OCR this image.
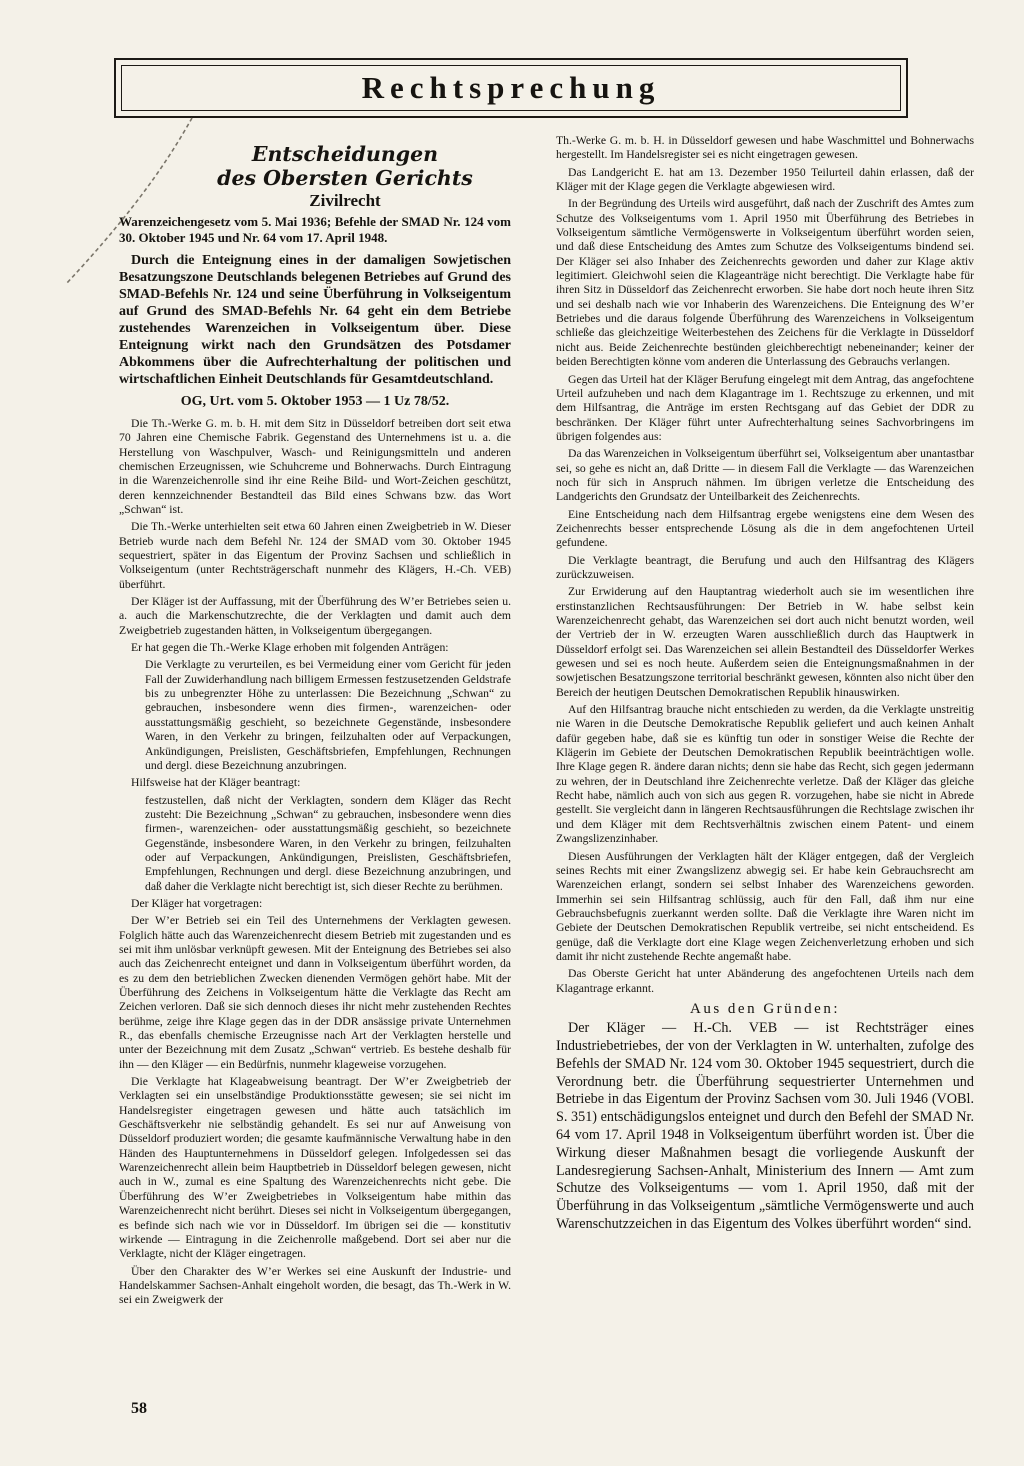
Rechtsprechung
Entscheidungen
des Obersten Gerichts
Zivilrecht

Warenzeichengesetz vom 5. Mai 1936; Befehle der SMAD Nr. 124 vom 30. Oktober 1945 und Nr. 64 vom 17. April 1948.

Durch die Enteignung eines in der damaligen Sowjetischen Besatzungszone Deutschlands belegenen Betriebes auf Grund des SMAD-Befehls Nr. 124 und seine Überführung in Volkseigentum auf Grund des SMAD-Befehls Nr. 64 geht ein dem Betriebe zustehendes Warenzeichen in Volkseigentum über. Diese Enteignung wirkt nach den Grundsätzen des Potsdamer Abkommens über die Aufrechterhaltung der politischen und wirtschaftlichen Einheit Deutschlands für Gesamtdeutschland.

OG, Urt. vom 5. Oktober 1953 — 1 Uz 78/52.

Die Th.-Werke G. m. b. H. mit dem Sitz in Düsseldorf betreiben dort seit etwa 70 Jahren eine Chemische Fabrik. Gegenstand des Unternehmens ist u. a. die Herstellung von Waschpulver, Wasch- und Reinigungsmitteln und anderen chemischen Erzeugnissen, wie Schuhcreme und Bohnerwachs. Durch Eintragung in die Warenzeichenrolle sind ihr eine Reihe Bild- und Wort-Zeichen geschützt, deren kennzeichnender Bestandteil das Bild eines Schwans bzw. das Wort „Schwan“ ist.

Die Th.-Werke unterhielten seit etwa 60 Jahren einen Zweigbetrieb in W. Dieser Betrieb wurde nach dem Befehl Nr. 124 der SMAD vom 30. Oktober 1945 sequestriert, später in das Eigentum der Provinz Sachsen und schließlich in Volkseigentum (unter Rechtsträgerschaft nunmehr des Klägers, H.-Ch. VEB) überführt.

Der Kläger ist der Auffassung, mit der Überführung des W’er Betriebes seien u. a. auch die Markenschutzrechte, die der Verklagten und damit auch dem Zweigbetrieb zugestanden hätten, in Volkseigentum übergegangen.

Er hat gegen die Th.-Werke Klage erhoben mit folgenden Anträgen:

Die Verklagte zu verurteilen, es bei Vermeidung einer vom Gericht für jeden Fall der Zuwiderhandlung nach billigem Ermessen festzusetzenden Geldstrafe bis zu unbegrenzter Höhe zu unterlassen: Die Bezeichnung „Schwan“ zu gebrauchen, insbesondere wenn dies firmen-, warenzeichen- oder ausstattungsmäßig geschieht, so bezeichnete Gegenstände, insbesondere Waren, in den Verkehr zu bringen, feilzuhalten oder auf Verpackungen, Ankündigungen, Preislisten, Geschäftsbriefen, Empfehlungen, Rechnungen und dergl. diese Bezeichnung anzubringen.

Hilfsweise hat der Kläger beantragt:

festzustellen, daß nicht der Verklagten, sondern dem Kläger das Recht zusteht: Die Bezeichnung „Schwan“ zu gebrauchen, insbesondere wenn dies firmen-, warenzeichen- oder ausstattungsmäßig geschieht, so bezeichnete Gegenstände, insbesondere Waren, in den Verkehr zu bringen, feilzuhalten oder auf Verpackungen, Ankündigungen, Preislisten, Geschäftsbriefen, Empfehlungen, Rechnungen und dergl. diese Bezeichnung anzubringen, und daß daher die Verklagte nicht berechtigt ist, sich dieser Rechte zu berühmen.

Der Kläger hat vorgetragen:

Der W’er Betrieb sei ein Teil des Unternehmens der Verklagten gewesen. Folglich hätte auch das Warenzeichenrecht diesem Betrieb mit zugestanden und es sei mit ihm unlösbar verknüpft gewesen. Mit der Enteignung des Betriebes sei also auch das Zeichenrecht enteignet und dann in Volkseigentum überführt worden, da es zu dem den betrieblichen Zwecken dienenden Vermögen gehört habe. Mit der Überführung des Zeichens in Volkseigentum hätte die Verklagte das Recht am Zeichen verloren. Daß sie sich dennoch dieses ihr nicht mehr zustehenden Rechtes berühme, zeige ihre Klage gegen das in der DDR ansässige private Unternehmen R., das ebenfalls chemische Erzeugnisse nach Art der Verklagten herstelle und unter der Bezeichnung mit dem Zusatz „Schwan“ vertrieb. Es bestehe deshalb für ihn — den Kläger — ein Bedürfnis, nunmehr klageweise vorzugehen.

Die Verklagte hat Klageabweisung beantragt. Der W’er Zweigbetrieb der Verklagten sei ein unselbständige Produktionsstätte gewesen; sie sei nicht im Handelsregister eingetragen gewesen und hätte auch tatsächlich im Geschäftsverkehr nie selbständig gehandelt. Es sei nur auf Anweisung von Düsseldorf produziert worden; die gesamte kaufmännische Verwaltung habe in den Händen des Hauptunternehmens in Düsseldorf gelegen. Infolgedessen sei das Warenzeichenrecht allein beim Hauptbetrieb in Düsseldorf belegen gewesen, nicht auch in W., zumal es eine Spaltung des Warenzeichenrechts nicht gebe. Die Überführung des W’er Zweigbetriebes in Volkseigentum habe mithin das Warenzeichenrecht nicht berührt. Dieses sei nicht in Volkseigentum übergegangen, es befinde sich nach wie vor in Düsseldorf. Im übrigen sei die — konstitutiv wirkende — Eintragung in die Zeichenrolle maßgebend. Dort sei aber nur die Verklagte, nicht der Kläger eingetragen.

Über den Charakter des W’er Werkes sei eine Auskunft der Industrie- und Handelskammer Sachsen-Anhalt eingeholt worden, die besagt, das Th.-Werk in W. sei ein Zweigwerk der

Th.-Werke G. m. b. H. in Düsseldorf gewesen und habe Waschmittel und Bohnerwachs hergestellt. Im Handelsregister sei es nicht eingetragen gewesen.

Das Landgericht E. hat am 13. Dezember 1950 Teilurteil dahin erlassen, daß der Kläger mit der Klage gegen die Verklagte abgewiesen wird.

In der Begründung des Urteils wird ausgeführt, daß nach der Zuschrift des Amtes zum Schutze des Volkseigentums vom 1. April 1950 mit Überführung des Betriebes in Volkseigentum sämtliche Vermögenswerte in Volkseigentum überführt worden seien, und daß diese Entscheidung des Amtes zum Schutze des Volkseigentums bindend sei. Der Kläger sei also Inhaber des Zeichenrechts geworden und daher zur Klage aktiv legitimiert. Gleichwohl seien die Klageanträge nicht berechtigt. Die Verklagte habe für ihren Sitz in Düsseldorf das Zeichenrecht erworben. Sie habe dort noch heute ihren Sitz und sei deshalb nach wie vor Inhaberin des Warenzeichens. Die Enteignung des W’er Betriebes und die daraus folgende Überführung des Warenzeichens in Volkseigentum schließe das gleichzeitige Weiterbestehen des Zeichens für die Verklagte in Düsseldorf nicht aus. Beide Zeichenrechte bestünden gleichberechtigt nebeneinander; keiner der beiden Berechtigten könne vom anderen die Unterlassung des Gebrauchs verlangen.

Gegen das Urteil hat der Kläger Berufung eingelegt mit dem Antrag, das angefochtene Urteil aufzuheben und nach dem Klagantrage im 1. Rechtszuge zu erkennen, und mit dem Hilfsantrag, die Anträge im ersten Rechtsgang auf das Gebiet der DDR zu beschränken. Der Kläger führt unter Aufrechterhaltung seines Sachvorbringens im übrigen folgendes aus:

Da das Warenzeichen in Volkseigentum überführt sei, Volkseigentum aber unantastbar sei, so gehe es nicht an, daß Dritte — in diesem Fall die Verklagte — das Warenzeichen noch für sich in Anspruch nähmen. Im übrigen verletze die Entscheidung des Landgerichts den Grundsatz der Unteilbarkeit des Zeichenrechts.

Eine Entscheidung nach dem Hilfsantrag ergebe wenigstens eine dem Wesen des Zeichenrechts besser entsprechende Lösung als die in dem angefochtenen Urteil gefundene.

Die Verklagte beantragt, die Berufung und auch den Hilfsantrag des Klägers zurückzuweisen.

Zur Erwiderung auf den Hauptantrag wiederholt auch sie im wesentlichen ihre erstinstanzlichen Rechtsausführungen: Der Betrieb in W. habe selbst kein Warenzeichenrecht gehabt, das Warenzeichen sei dort auch nicht benutzt worden, weil der Vertrieb der in W. erzeugten Waren ausschließlich durch das Hauptwerk in Düsseldorf erfolgt sei. Das Warenzeichen sei allein Bestandteil des Düsseldorfer Werkes gewesen und sei es noch heute. Außerdem seien die Enteignungsmaßnahmen in der sowjetischen Besatzungszone territorial beschränkt gewesen, könnten also nicht über den Bereich der heutigen Deutschen Demokratischen Republik hinauswirken.

Auf den Hilfsantrag brauche nicht entschieden zu werden, da die Verklagte unstreitig nie Waren in die Deutsche Demokratische Republik geliefert und auch keinen Anhalt dafür gegeben habe, daß sie es künftig tun oder in sonstiger Weise die Rechte der Klägerin im Gebiete der Deutschen Demokratischen Republik beeinträchtigen wolle. Ihre Klage gegen R. ändere daran nichts; denn sie habe das Recht, sich gegen jedermann zu wehren, der in Deutschland ihre Zeichenrechte verletze. Daß der Kläger das gleiche Recht habe, nämlich auch von sich aus gegen R. vorzugehen, habe sie nicht in Abrede gestellt. Sie vergleicht dann in längeren Rechtsausführungen die Rechtslage zwischen ihr und dem Kläger mit dem Rechtsverhältnis zwischen einem Patent- und einem Zwangslizenzinhaber.

Diesen Ausführungen der Verklagten hält der Kläger entgegen, daß der Vergleich seines Rechts mit einer Zwangslizenz abwegig sei. Er habe kein Gebrauchsrecht am Warenzeichen erlangt, sondern sei selbst Inhaber des Warenzeichens geworden. Immerhin sei sein Hilfsantrag schlüssig, auch für den Fall, daß ihm nur eine Gebrauchsbefugnis zuerkannt werden sollte. Daß die Verklagte ihre Waren nicht im Gebiete der Deutschen Demokratischen Republik vertreibe, sei nicht entscheidend. Es genüge, daß die Verklagte dort eine Klage wegen Zeichenverletzung erhoben und sich damit ihr nicht zustehende Rechte angemaßt habe.

Das Oberste Gericht hat unter Abänderung des angefochtenen Urteils nach dem Klagantrage erkannt.

Aus den Gründen:

Der Kläger — H.-Ch. VEB — ist Rechtsträger eines Industriebetriebes, der von der Verklagten in W. unterhalten, zufolge des Befehls der SMAD Nr. 124 vom 30. Oktober 1945 sequestriert, durch die Verordnung betr. die Überführung sequestrierter Unternehmen und Betriebe in das Eigentum der Provinz Sachsen vom 30. Juli 1946 (VOBl. S. 351) entschädigungslos enteignet und durch den Befehl der SMAD Nr. 64 vom 17. April 1948 in Volkseigentum überführt worden ist. Über die Wirkung dieser Maßnahmen besagt die vorliegende Auskunft der Landesregierung Sachsen-Anhalt, Ministerium des Innern — Amt zum Schutze des Volkseigentums — vom 1. April 1950, daß mit der Überführung in das Volkseigentum „sämtliche Vermögenswerte und auch Warenschutzzeichen in das Eigentum des Volkes überführt worden“ sind.

58
